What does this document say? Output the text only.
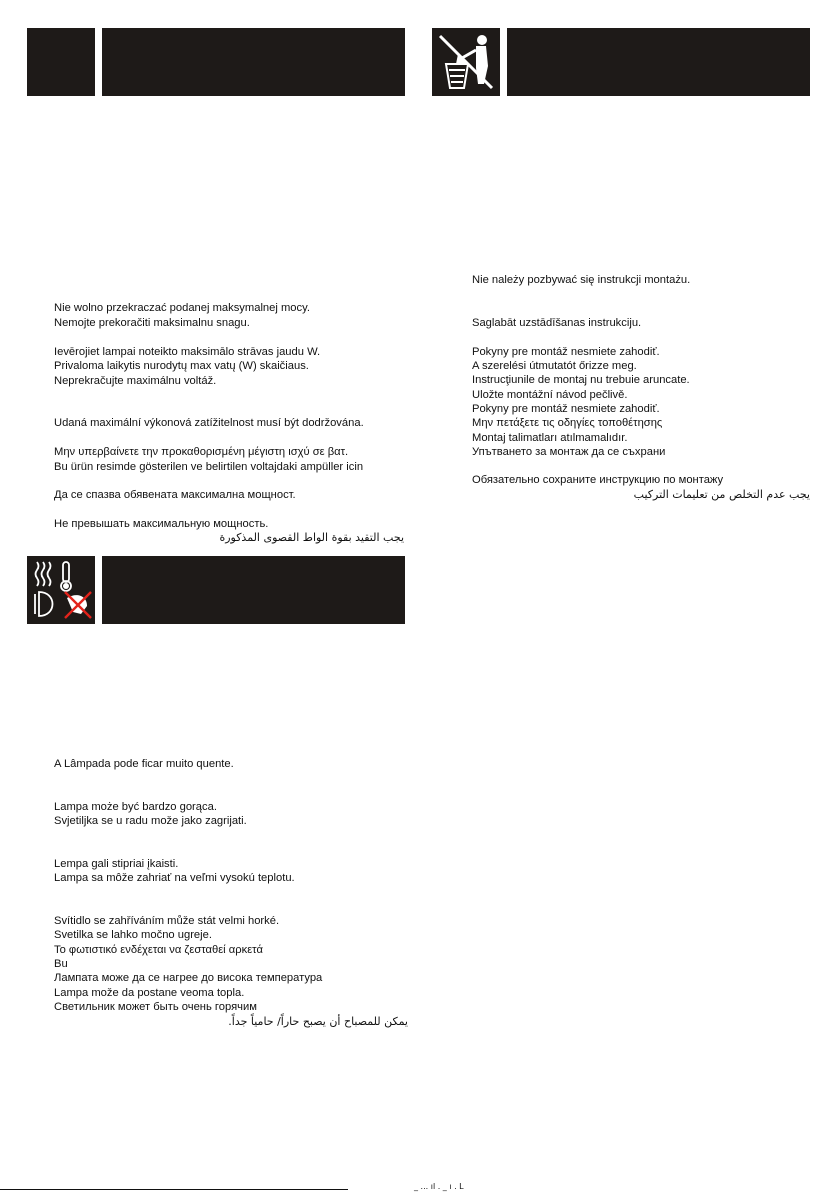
Nie wolno przekraczać podanej maksymalnej mocy.
Nemojte prekoračiti maksimalnu snagu.
Ievērojiet lampai noteikto maksimālo strāvas jaudu W.
Privaloma laikytis nurodytų max vatų (W) skaičiaus.
Neprekračujte maximálnu voltáž.
Udaná maximální výkonová zatížitelnost musí být dodržována.
Μην υπερβαίνετε την προκαθορισμένη μέγιστη ισχύ σε βατ.
Bu ürün resimde gösterilen ve belirtilen voltajdaki ampüller icin
Да се спазва обявената максимална мощност.
Не превышать максимальную мощность.
يجب التقيد بقوة الواط القصوى المذكورة
Nie należy pozbywać się instrukcji montażu.
Saglabāt uzstādīšanas instrukciju.
Pokyny pre montáž nesmiete zahodiť.
A szerelési útmutatót őrizze meg.
Instrucţiunile de montaj nu trebuie aruncate.
Uložte montážní návod pečlivě.
Pokyny pre montáž nesmiete zahodiť.
Μην πετάξετε τις οδηγίες τοποθέτησης
Montaj talimatları atılmamalıdır.
Упътването за монтаж да се съхрани
Обязательно сохраните инструкцию по монтажу
يجب عدم التخلص من تعليمات التركيب
A Lâmpada pode ficar muito quente.
Lampa może być bardzo gorąca.
Svjetiljka se u radu može jako zagrijati.
Lempa gali stipriai įkaisti.
Lampa sa môže zahriať na veľmi vysokú teplotu.
Svítidlo se zahříváním může stát velmi horké.
Svetilka se lahko močno ugreje.
Το φωτιστικό ενδέχεται να ζεσταθεί αρκετά
Bu
Лампата може да се нагрее до висока температура
Lampa može da postane veoma topla.
Светильник может быть очень горячим
يمكن للمصباح أن يصبح حاراً/ حامياً جداً.
_ ... ıl . _ ı . L
